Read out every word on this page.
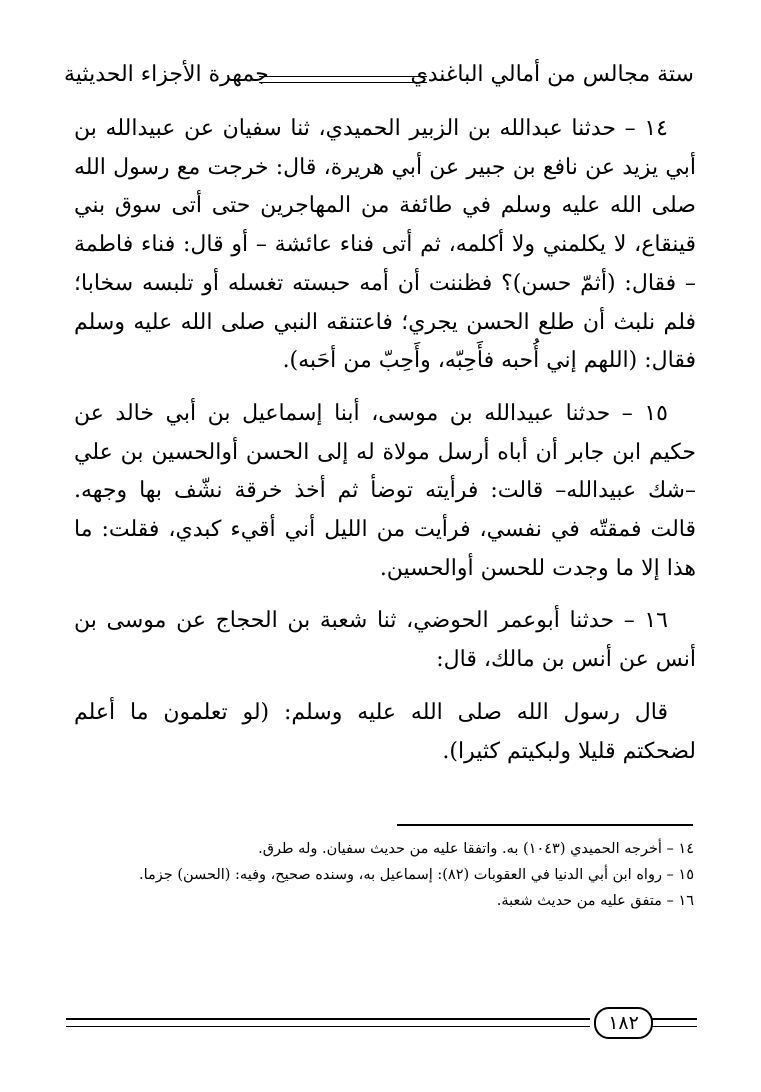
ستة مجالس من أمالي الباغندي
جمهرة الأجزاء الحديثية

١٤ – حدثنا عبدالله بن الزبير الحميدي، ثنا سفيان عن عبيدالله بن أبي يزيد عن نافع بن جبير عن أبي هريرة، قال: خرجت مع رسول الله صلى الله عليه وسلم في طائفة من المهاجرين حتى أتى سوق بني قينقاع، لا يكلمني ولا أكلمه، ثم أتى فناء عائشة – أو قال: فناء فاطمة – فقال: (أثمّ حسن)؟ فظننت أن أمه حبسته تغسله أو تلبسه سخابا؛ فلم نلبث أن طلع الحسن يجري؛ فاعتنقه النبي صلى الله عليه وسلم فقال: (اللهم إني أُحبه فأَحِبّه، وأَحِبّ من أحَبه).

١٥ – حدثنا عبيدالله بن موسى، أبنا إسماعيل بن أبي خالد عن حكيم ابن جابر أن أباه أرسل مولاة له إلى الحسن أوالحسين بن علي –شك عبيدالله– قالت: فرأيته توضأ ثم أخذ خرقة نشّف بها وجهه. قالت فمقتّه في نفسي، فرأيت من الليل أني أقيء كبدي، فقلت: ما هذا إلا ما وجدت للحسن أوالحسين.

١٦ – حدثنا أبوعمر الحوضي، ثنا شعبة بن الحجاج عن موسى بن أنس عن أنس بن مالك، قال:

قال رسول الله صلى الله عليه وسلم: (لو تعلمون ما أعلم لضحكتم قليلا ولبكيتم كثيرا).

١٤ – أخرجه الحميدي (١٠٤٣) به. واتفقا عليه من حديث سفيان. وله طرق.

١٥ – رواه ابن أبي الدنيا في العقوبات (٨٢): إسماعيل به، وسنده صحيح، وفيه: (الحسن) جزما.

١٦ – متفق عليه من حديث شعبة.

١٨٢
